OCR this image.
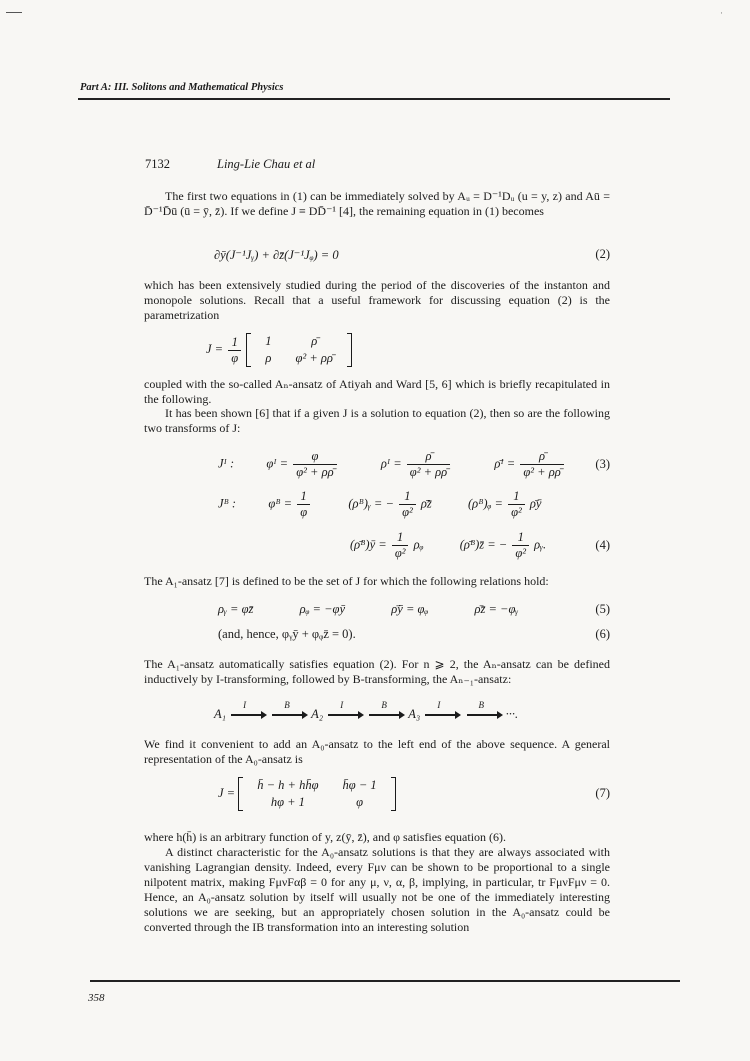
·
Part A: III. Solitons and Mathematical Physics
7132	Ling-Lie Chau et al
The first two equations in (1) can be immediately solved by Aᵤ = D⁻¹Dᵤ (u = y, z) and Aū = D̄⁻¹D̄ū (ū = ȳ, z̄). If we define J ≡ DD̄⁻¹ [4], the remaining equation in (1) becomes
∂ȳ(J⁻¹Jᵧ) + ∂z̄(J⁻¹Jᵩ) = 0	(2)
which has been extensively studied during the period of the discoveries of the instanton and monopole solutions. Recall that a useful framework for discussing equation (2) is the parametrization
$J = \frac{1}{\varphi}$
1	ρ̄
ρ	φ² + ρρ̄
coupled with the so-called Aₙ-ansatz of Atiyah and Ward [5, 6] which is briefly recapitulated in the following.
It has been shown [6] that if a given J is a solution to equation (2), then so are the following two transforms of J:
Jᴵ :	φᴵ = $\frac{\varphi}{\text{φ² + ρρ̄}}$	ρᴵ = $\frac{\rhō}{\text{φ² + ρρ̄}}$	ρ̄ᴵ = $\frac{\rhō}{\text{φ² + ρρ̄}}$	(3)
Jᴮ :	φᴮ = $\frac{1}{\varphi}$	(ρᴮ)ᵧ = − $\frac{1}{\text{φ²}}$ ρ̄z̄	(ρᴮ)ᵩ = $\frac{1}{\text{φ²}}$ ρ̄ȳ
(ρ̄ᴮ)ȳ = $\frac{1}{\text{φ²}}$ ρᵩ	(ρ̄ᴮ)z̄ = − $\frac{1}{\text{φ²}}$ ρᵧ.	(4)
The A₁-ansatz [7] is defined to be the set of J for which the following relations hold:
ρᵧ = φz̄	ρᵩ = −φȳ	ρ̄ȳ = φᵩ	ρ̄z̄ = −φᵧ	(5)
(and, hence, φᵧȳ + φᵩz̄ = 0).	(6)
The A₁-ansatz automatically satisfies equation (2). For n ⩾ 2, the Aₙ-ansatz can be defined inductively by I-transforming, followed by B-transforming, the Aₙ₋₁-ansatz:
A₁
I
	B
A₂
I
	B
A₃
I
	B
···.
We find it convenient to add an A₀-ansatz to the left end of the above sequence. A general representation of the A₀-ansatz is
J =
h̄ − h + hh̄φ	h̄φ − 1
hφ + 1	φ
(7)
where h(h̄) is an arbitrary function of y, z(ȳ, z̄), and φ satisfies equation (6).
A distinct characteristic for the A₀-ansatz solutions is that they are always associated with vanishing Lagrangian density. Indeed, every Fμν can be shown to be proportional to a single nilpotent matrix, making FμνFαβ = 0 for any μ, ν, α, β, implying, in particular, tr FμνFμν = 0. Hence, an A₀-ansatz solution by itself will usually not be one of the immediately interesting solutions we are seeking, but an appropriately chosen solution in the A₀-ansatz could be converted through the IB transformation into an interesting solution
358
